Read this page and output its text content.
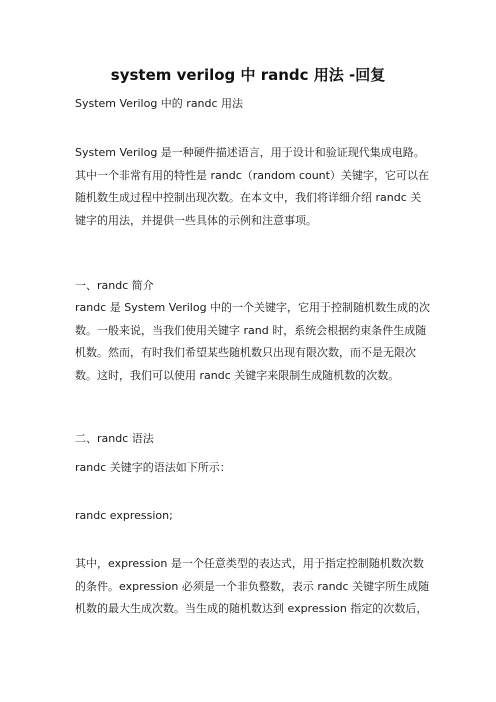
system verilog 中 randc 用法 -回复
System Verilog 中的 randc 用法

System Verilog 是一种硬件描述语言，用于设计和验证现代集成电路。
其中一个非常有用的特性是 randc（random count）关键字，它可以在
随机数生成过程中控制出现次数。在本文中，我们将详细介绍 randc 关
键字的用法，并提供一些具体的示例和注意事项。

一、randc 简介

randc 是 System Verilog 中的一个关键字，它用于控制随机数生成的次
数。一般来说，当我们使用关键字 rand 时，系统会根据约束条件生成随
机数。然而，有时我们希望某些随机数只出现有限次数，而不是无限次
数。这时，我们可以使用 randc 关键字来限制生成随机数的次数。

二、randc 语法
randc 关键字的语法如下所示：
randc expression;

其中，expression 是一个任意类型的表达式，用于指定控制随机数次数
的条件。expression 必须是一个非负整数，表示 randc 关键字所生成随
机数的最大生成次数。当生成的随机数达到 expression 指定的次数后，
